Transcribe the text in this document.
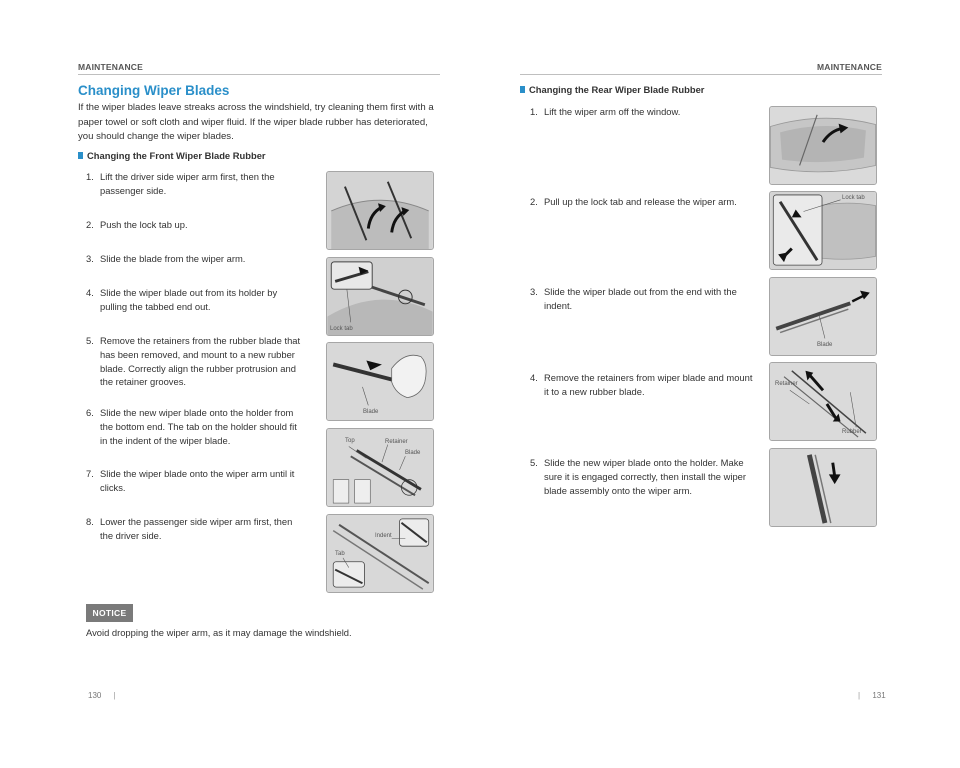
MAINTENANCE
Changing Wiper Blades
If the wiper blades leave streaks across the windshield, try cleaning them first with a paper towel or soft cloth and wiper fluid. If the wiper blade rubber has deteriorated, you should change the wiper blades.
Changing the Front Wiper Blade Rubber
1. Lift the driver side wiper arm first, then the passenger side.
2. Push the lock tab up.
3. Slide the blade from the wiper arm.
4. Slide the wiper blade out from its holder by pulling the tabbed end out.
5. Remove the retainers from the rubber blade that has been removed, and mount to a new rubber blade. Correctly align the rubber protrusion and the retainer grooves.
6. Slide the new wiper blade onto the holder from the bottom end. The tab on the holder should fit in the indent of the wiper blade.
7. Slide the wiper blade onto the wiper arm until it clicks.
8. Lower the passenger side wiper arm first, then the driver side.
Lock tab
Blade
Top	Retainer
Blade
Indent
Tab
NOTICE
Avoid dropping the wiper arm, as it may damage the windshield.
130 |
MAINTENANCE
Changing the Rear Wiper Blade Rubber
1. Lift the wiper arm off the window.
2. Pull up the lock tab and release the wiper arm.
3. Slide the wiper blade out from the end with the indent.
4. Remove the retainers from wiper blade and mount it to a new rubber blade.
5. Slide the new wiper blade onto the holder. Make sure it is engaged correctly, then install the wiper blade assembly onto the wiper arm.
Lock tab
Blade
Retainer
Rubber
| 131
